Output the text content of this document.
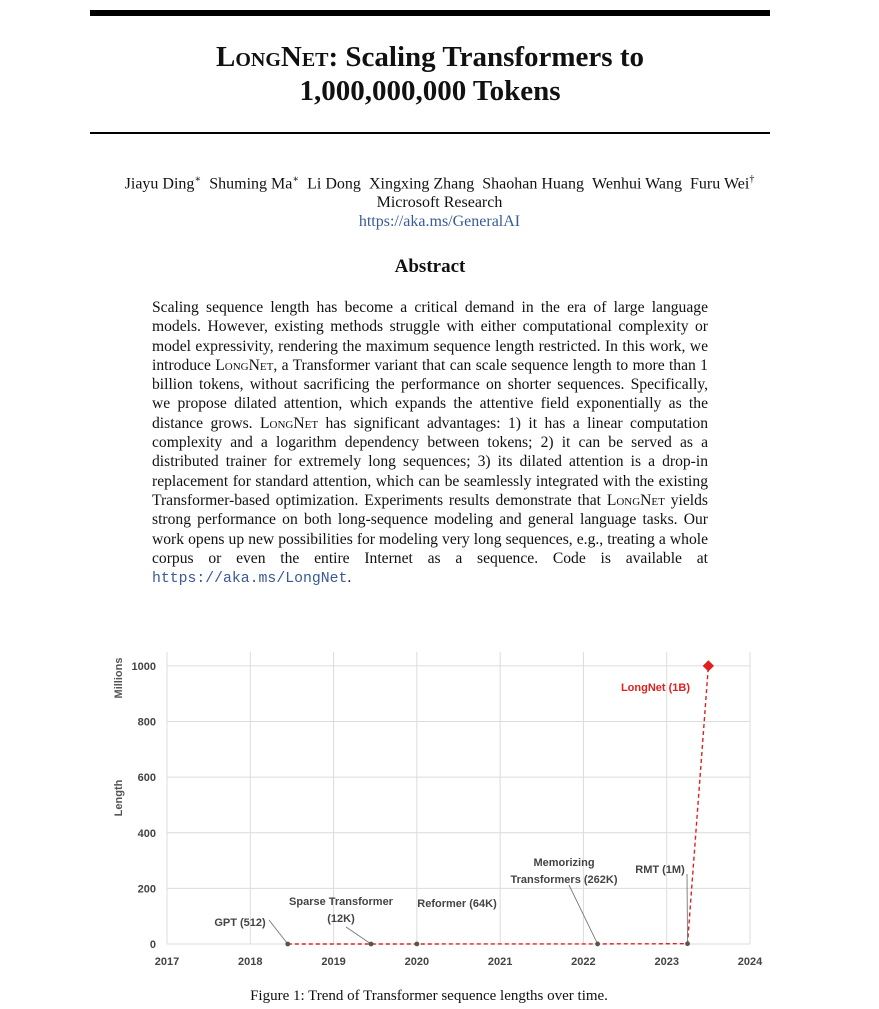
LongNet: Scaling Transformers to
1,000,000,000 Tokens
Jiayu Ding∗ Shuming Ma∗ Li Dong Xingxing Zhang Shaohan Huang Wenhui Wang Furu Wei†
Microsoft Research
https://aka.ms/GeneralAI
Abstract
Scaling sequence length has become a critical demand in the era of large language models. However, existing methods struggle with either computational complexity or model expressivity, rendering the maximum sequence length restricted. In this work, we introduce LongNet, a Transformer variant that can scale sequence length to more than 1 billion tokens, without sacrificing the performance on shorter sequences. Specifically, we propose dilated attention, which expands the attentive field exponentially as the distance grows. LongNet has significant advantages: 1) it has a linear computation complexity and a logarithm dependency between tokens; 2) it can be served as a distributed trainer for extremely long sequences; 3) its dilated attention is a drop-in replacement for standard attention, which can be seamlessly integrated with the existing Transformer-based optimization. Experiments results demonstrate that LongNet yields strong performance on both long-sequence modeling and general language tasks. Our work opens up new possibilities for modeling very long sequences, e.g., treating a whole corpus or even the entire Internet as a sequence. Code is available at https://aka.ms/LongNet.
2017	2018	2019	2020	2021	2022	2023	2024
0
200
400
600
800
1000
Length
Millions
GPT (512)
Sparse Transformer
(12K)
Reformer (64K)
Memorizing
Transformers (262K)
RMT (1M)
LongNet (1B)
Figure 1: Trend of Transformer sequence lengths over time.
